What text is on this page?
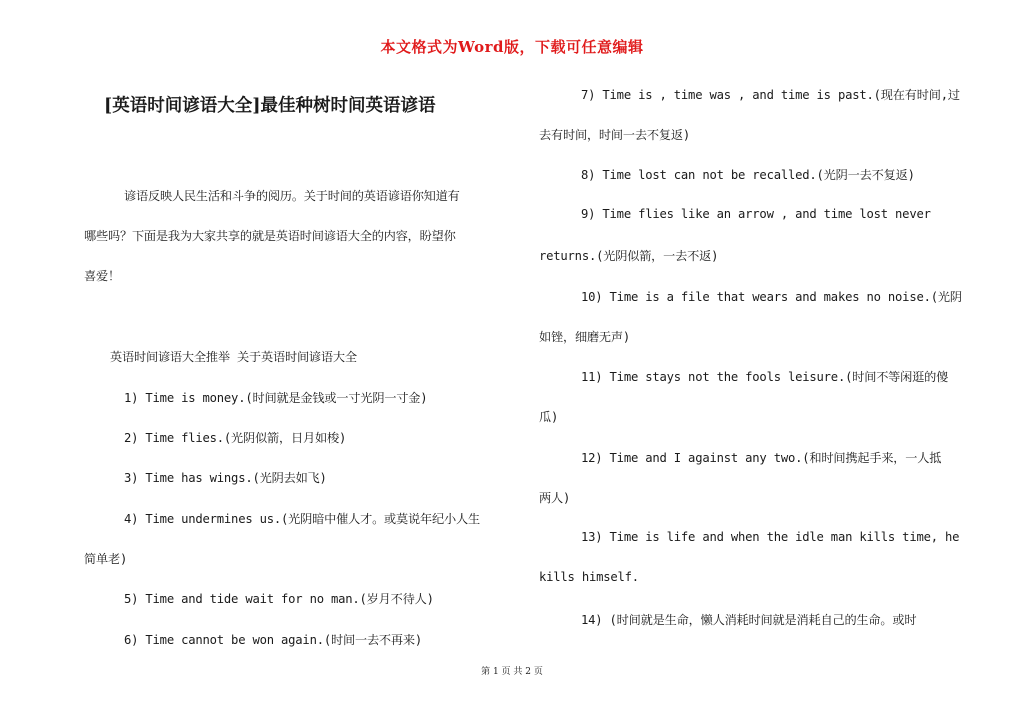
本文格式为Word版，下载可任意编辑
[英语时间谚语大全]最佳种树时间英语谚语
谚语反映人民生活和斗争的阅历。关于时间的英语谚语你知道有
哪些吗？下面是我为大家共享的就是英语时间谚语大全的内容，盼望你
喜爱！
英语时间谚语大全推举 关于英语时间谚语大全
1) Time is money.(时间就是金钱或一寸光阴一寸金)
2) Time flies.(光阴似箭，日月如梭)
3) Time has wings.(光阴去如飞)
4) Time undermines us.(光阴暗中催人才。或莫说年纪小人生
简单老)
5) Time and tide wait for no man.(岁月不待人)
6) Time cannot be won again.(时间一去不再来)
7) Time is , time was , and time is past.(现在有时间,过
去有时间，时间一去不复返)
8) Time lost can not be recalled.(光阴一去不复返)
9) Time flies like an arrow , and time lost never
returns.(光阴似箭，一去不返)
10) Time is a file that wears and makes no noise.(光阴
如锉，细磨无声)
11) Time stays not the fools leisure.(时间不等闲逛的傻
瓜)
12) Time and I against any two.(和时间携起手来，一人抵
两人)
13) Time is life and when the idle man kills time, he
kills himself.
14) (时间就是生命，懒人消耗时间就是消耗自己的生命。或时
第 1 页 共 2 页
